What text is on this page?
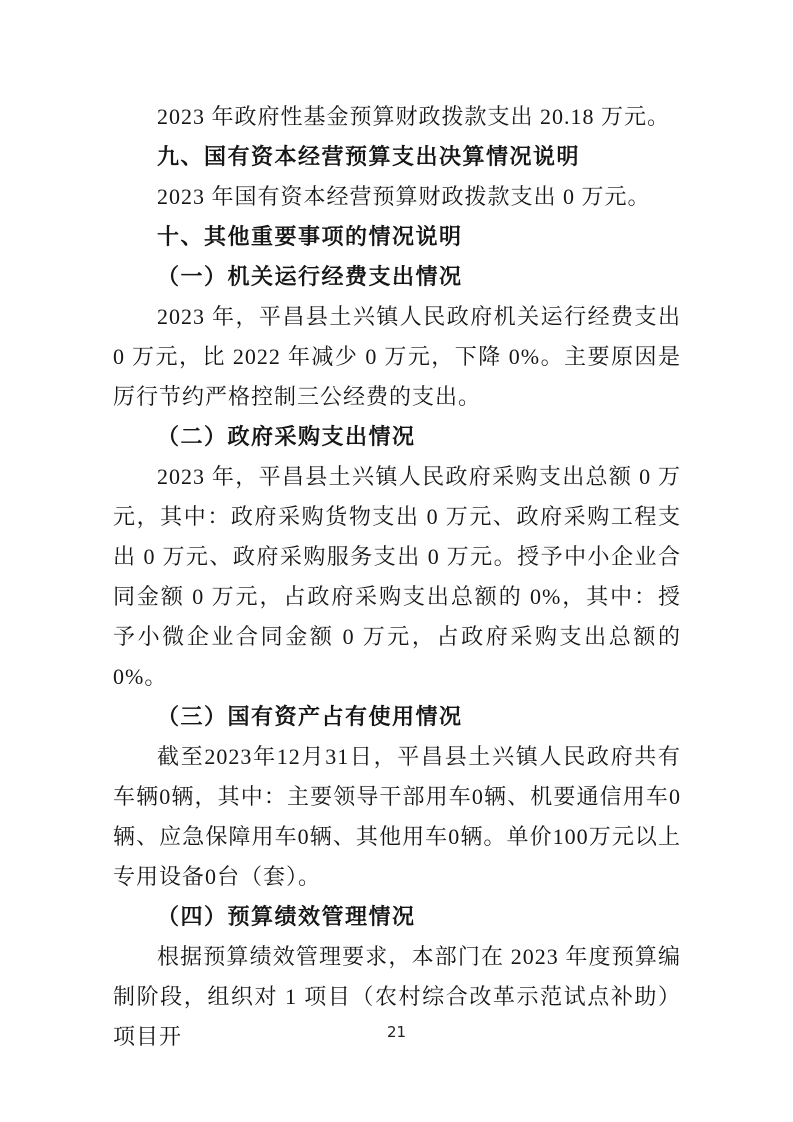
2023 年政府性基金预算财政拨款支出 20.18 万元。

九、国有资本经营预算支出决算情况说明

2023 年国有资本经营预算财政拨款支出 0 万元。

十、其他重要事项的情况说明

（一）机关运行经费支出情况

2023 年，平昌县土兴镇人民政府机关运行经费支出 0 万元，比 2022 年减少 0 万元，下降 0%。主要原因是厉行节约严格控制三公经费的支出。

（二）政府采购支出情况

2023 年，平昌县土兴镇人民政府采购支出总额 0 万元，其中：政府采购货物支出 0 万元、政府采购工程支出 0 万元、政府采购服务支出 0 万元。授予中小企业合同金额 0 万元，占政府采购支出总额的 0%，其中：授予小微企业合同金额 0 万元，占政府采购支出总额的 0%。

（三）国有资产占有使用情况

截至2023年12月31日，平昌县土兴镇人民政府共有车辆0辆，其中：主要领导干部用车0辆、机要通信用车0辆、应急保障用车0辆、其他用车0辆。单价100万元以上专用设备0台（套）。

（四）预算绩效管理情况

根据预算绩效管理要求，本部门在 2023 年度预算编制阶段，组织对 1 项目（农村综合改革示范试点补助）项目开	21
